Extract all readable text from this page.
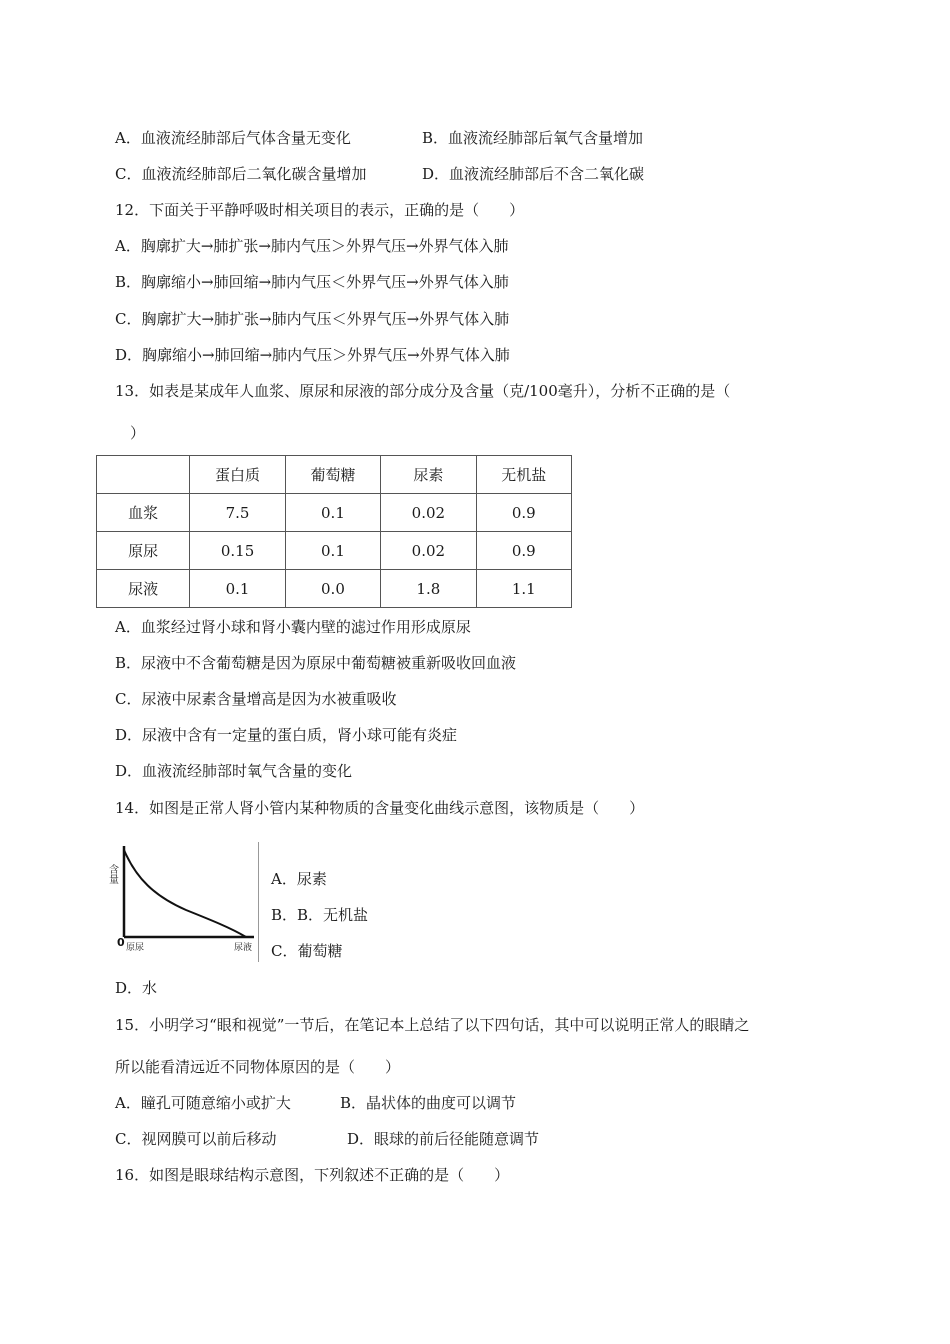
A．血液流经肺部后气体含量无变化	B．血液流经肺部后氧气含量增加
C．血液流经肺部后二氧化碳含量增加	D．血液流经肺部后不含二氧化碳
12．下面关于平静呼吸时相关项目的表示，正确的是（　　）
A．胸廓扩大→肺扩张→肺内气压＞外界气压→外界气体入肺
B．胸廓缩小→肺回缩→肺内气压＜外界气压→外界气体入肺
C．胸廓扩大→肺扩张→肺内气压＜外界气压→外界气体入肺
D．胸廓缩小→肺回缩→肺内气压＞外界气压→外界气体入肺
13．如表是某成年人血浆、原尿和尿液的部分成分及含量（克/100毫升），分析不正确的是（
）
	蛋白质	葡萄糖	尿素	无机盐
血浆	7.5	0.1	0.02	0.9
原尿	0.15	0.1	0.02	0.9
尿液	0.1	0.0	1.8	1.1
A．血浆经过肾小球和肾小囊内壁的滤过作用形成原尿
B．尿液中不含葡萄糖是因为原尿中葡萄糖被重新吸收回血液
C．尿液中尿素含量增高是因为水被重吸收
D．尿液中含有一定量的蛋白质，肾小球可能有炎症
D．血液流经肺部时氧气含量的变化
14．如图是正常人肾小管内某种物质的含量变化曲线示意图，该物质是（　　）
含量
0 原尿	尿液
A．尿素
B．B．无机盐
C．葡萄糖
D．水
15．小明学习“眼和视觉”一节后，在笔记本上总结了以下四句话，其中可以说明正常人的眼睛之
所以能看清远近不同物体原因的是（　　）
A．瞳孔可随意缩小或扩大	B．晶状体的曲度可以调节
C．视网膜可以前后移动	D．眼球的前后径能随意调节
16．如图是眼球结构示意图，下列叙述不正确的是（　　）
